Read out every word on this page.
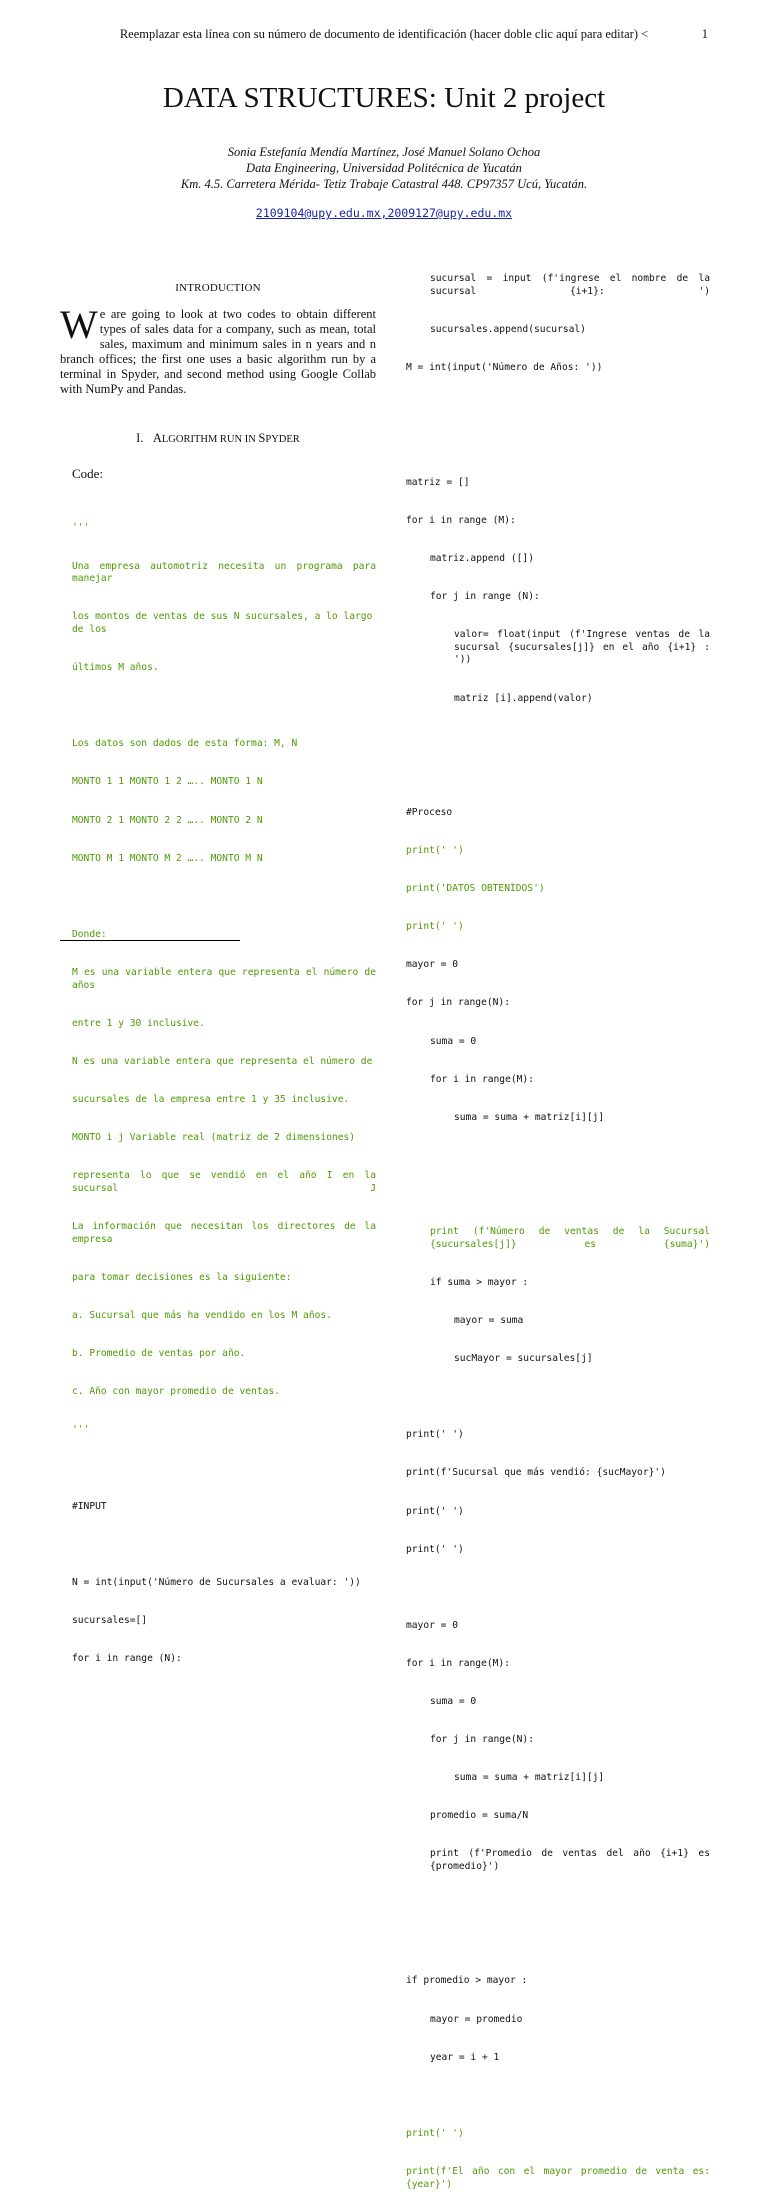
Reemplazar esta línea con su número de documento de identificación (hacer doble clic aquí para editar) <	1
DATA STRUCTURES: Unit 2 project
Sonia Estefanía Mendía Martínez, José Manuel Solano Ochoa
Data Engineering, Universidad Politécnica de Yucatán
Km. 4.5. Carretera Mérida- Tetiz Trabaje Catastral 448. CP97357 Ucú, Yucatán.
2109104@upy.edu.mx,2009127@upy.edu.mx
INTRODUCTION
We are going to look at two codes to obtain different types of sales data for a company, such as mean, total sales, maximum and minimum sales in n years and n branch offices; the first one uses a basic algorithm run by a terminal in Spyder, and second method using Google Collab with NumPy and Pandas.
I. ALGORITHM RUN IN SPYDER
Code:

'''

Una empresa automotriz necesita un programa para manejar

los montos de ventas de sus N sucursales, a lo largo de los

últimos M años.

Los datos son dados de esta forma: M, N

MONTO 1 1 MONTO 1 2 ….. MONTO 1 N

MONTO 2 1 MONTO 2 2 ….. MONTO 2 N

MONTO M 1 MONTO M 2 ….. MONTO M N

Donde:

M es una variable entera que representa el número de años

entre 1 y 30 inclusive.

N es una variable entera que representa el número de

sucursales de la empresa entre 1 y 35 inclusive.

MONTO i j Variable real (matriz de 2 dimensiones)

representa lo que se vendió en el año I en la sucursal J

La información que necesitan los directores de la empresa

para tomar decisiones es la siguiente:

a. Sucursal que más ha vendido en los M años.

b. Promedio de ventas por año.

c. Año con mayor promedio de ventas.

'''

#INPUT

N = int(input('Número de Sucursales a evaluar: '))

sucursales=[]

for i in range (N):

sucursal = input (f'ingrese el nombre de la sucursal {i+1}: ')

sucursales.append(sucursal)

M = int(input('Número de Años: '))

matriz = []

for i in range (M):

matriz.append ([])

for j in range (N):

valor= float(input (f'Ingrese ventas de la sucursal {sucursales[j]} en el año {i+1} : '))

matriz [i].append(valor)

#Proceso

print(' ')

print('DATOS OBTENIDOS')

print(' ')

mayor = 0

for j in range(N):

suma = 0

for i in range(M):

suma = suma + matriz[i][j]

print (f'Número de ventas de la Sucursal {sucursales[j]} es {suma}')

if suma > mayor :

mayor = suma

sucMayor = sucursales[j]

print(' ')

print(f'Sucursal que más vendió: {sucMayor}')

print(' ')

print(' ')

mayor = 0

for i in range(M):

suma = 0

for j in range(N):

suma = suma + matriz[i][j]

promedio = suma/N

print (f'Promedio de ventas del año {i+1} es {promedio}')

if promedio > mayor :

mayor = promedio

year = i + 1

print(' ')

print(f'El año con el mayor promedio de venta es: {year}')
